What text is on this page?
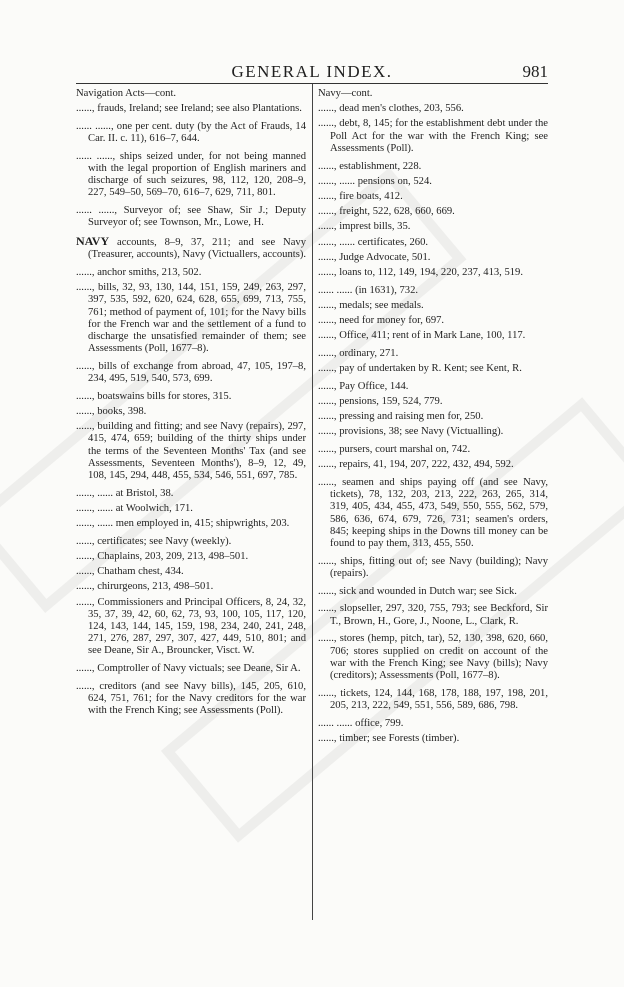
GENERAL INDEX.	981
Navigation Acts—cont.
......, frauds, Ireland; see Ireland; see also Plantations.
...... ......, one per cent. duty (by the Act of Frauds, 14 Car. II. c. 11), 616–7, 644.
...... ......, ships seized under, for not being manned with the legal proportion of English mariners and discharge of such seizures, 98, 112, 120, 208–9, 227, 549–50, 569–70, 616–7, 629, 711, 801.
...... ......, Surveyor of; see Shaw, Sir J.; Deputy Surveyor of; see Townson, Mr., Lowe, H.
NAVY accounts, 8–9, 37, 211; and see Navy (Treasurer, accounts), Navy (Victuallers, accounts).
......, anchor smiths, 213, 502.
......, bills, 32, 93, 130, 144, 151, 159, 249, 263, 297, 397, 535, 592, 620, 624, 628, 655, 699, 713, 755, 761; method of payment of, 101; for the Navy bills for the French war and the settlement of a fund to discharge the unsatisfied remainder of them; see Assessments (Poll, 1677–8).
......, bills of exchange from abroad, 47, 105, 197–8, 234, 495, 519, 540, 573, 699.
......, boatswains bills for stores, 315.
......, books, 398.
......, building and fitting; and see Navy (repairs), 297, 415, 474, 659; building of the thirty ships under the terms of the Seventeen Months' Tax (and see Assessments, Seventeen Months'), 8–9, 12, 49, 108, 145, 294, 448, 455, 534, 546, 551, 697, 785.
......, ...... at Bristol, 38.
......, ...... at Woolwich, 171.
......, ...... men employed in, 415; shipwrights, 203.
......, certificates; see Navy (weekly).
......, Chaplains, 203, 209, 213, 498–501.
......, Chatham chest, 434.
......, chirurgeons, 213, 498–501.
......, Commissioners and Principal Officers, 8, 24, 32, 35, 37, 39, 42, 60, 62, 73, 93, 100, 105, 117, 120, 124, 143, 144, 145, 159, 198, 234, 240, 241, 248, 271, 276, 287, 297, 307, 427, 449, 510, 801; and see Deane, Sir A., Brouncker, Visct. W.
......, Comptroller of Navy victuals; see Deane, Sir A.
......, creditors (and see Navy bills), 145, 205, 610, 624, 751, 761; for the Navy creditors for the war with the French King; see Assessments (Poll).
Navy—cont.
......, dead men's clothes, 203, 556.
......, debt, 8, 145; for the establishment debt under the Poll Act for the war with the French King; see Assessments (Poll).
......, establishment, 228.
......, ...... pensions on, 524.
......, fire boats, 412.
......, freight, 522, 628, 660, 669.
......, imprest bills, 35.
......, ...... certificates, 260.
......, Judge Advocate, 501.
......, loans to, 112, 149, 194, 220, 237, 413, 519.
...... ...... (in 1631), 732.
......, medals; see medals.
......, need for money for, 697.
......, Office, 411; rent of in Mark Lane, 100, 117.
......, ordinary, 271.
......, pay of undertaken by R. Kent; see Kent, R.
......, Pay Office, 144.
......, pensions, 159, 524, 779.
......, pressing and raising men for, 250.
......, provisions, 38; see Navy (Victualling).
......, pursers, court marshal on, 742.
......, repairs, 41, 194, 207, 222, 432, 494, 592.
......, seamen and ships paying off (and see Navy, tickets), 78, 132, 203, 213, 222, 263, 265, 314, 319, 405, 434, 455, 473, 549, 550, 555, 562, 579, 586, 636, 674, 679, 726, 731; seamen's orders, 845; keeping ships in the Downs till money can be found to pay them, 313, 455, 550.
......, ships, fitting out of; see Navy (building); Navy (repairs).
......, sick and wounded in Dutch war; see Sick.
......, slopseller, 297, 320, 755, 793; see Beckford, Sir T., Brown, H., Gore, J., Noone, L., Clark, R.
......, stores (hemp, pitch, tar), 52, 130, 398, 620, 660, 706; stores supplied on credit on account of the war with the French King; see Navy (bills); Navy (creditors); Assessments (Poll, 1677–8).
......, tickets, 124, 144, 168, 178, 188, 197, 198, 201, 205, 213, 222, 549, 551, 556, 589, 686, 798.
...... ...... office, 799.
......, timber; see Forests (timber).
